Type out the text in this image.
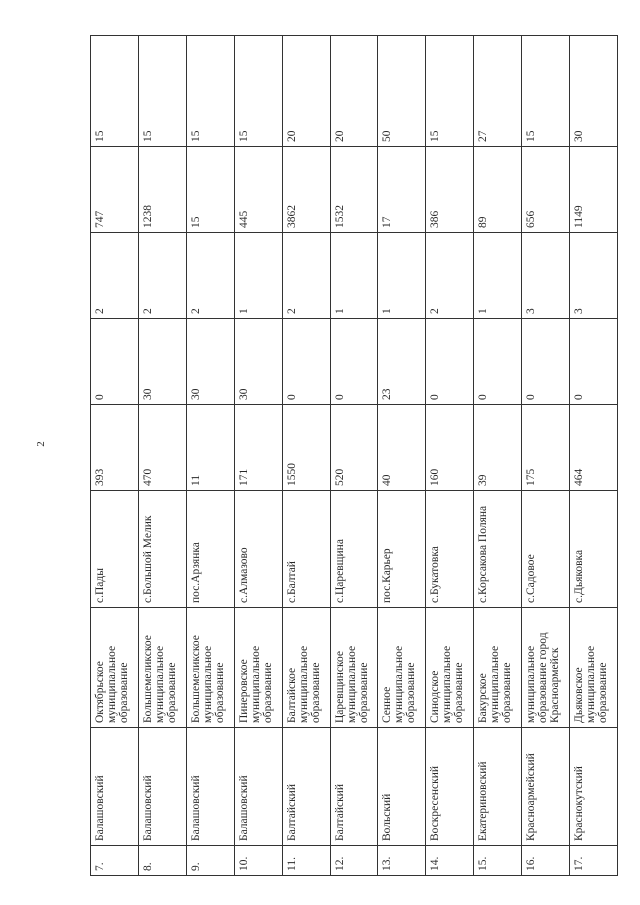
2
7.	Балашовский	Октябрьское муниципальное образование	с.Пады	393	0	2	747	15
8.	Балашовский	Большемеликское муниципальное образование	с.Большой Мелик	470	30	2	1238	15
9.	Балашовский	Большемеликское муниципальное образование	пос.Арзянка	11	30	2	15	15
10.	Балашовский	Пинеровское муниципальное образование	с.Алмазово	171	30	1	445	15
11.	Балтайский	Балтайское муниципальное образование	с.Балтай	1550	0	2	3862	20
12.	Балтайский	Царевщинское муниципальное образование	с.Царевщина	520	0	1	1532	20
13.	Вольский	Сенное муниципальное образование	пос.Карьер	40	23	1	17	50
14.	Воскресенский	Синодское муниципальное образование	с.Букатовка	160	0	2	386	15
15.	Екатериновский	Бакурское муниципальное образование	с.Корсакова Поляна	39	0	1	89	27
16.	Красноармейский	муниципальное образование город Красноармейск	с.Садовое	175	0	3	656	15
17.	Краснокутский	Дьяковское муниципальное образование	с.Дьяковка	464	0	3	1149	30
